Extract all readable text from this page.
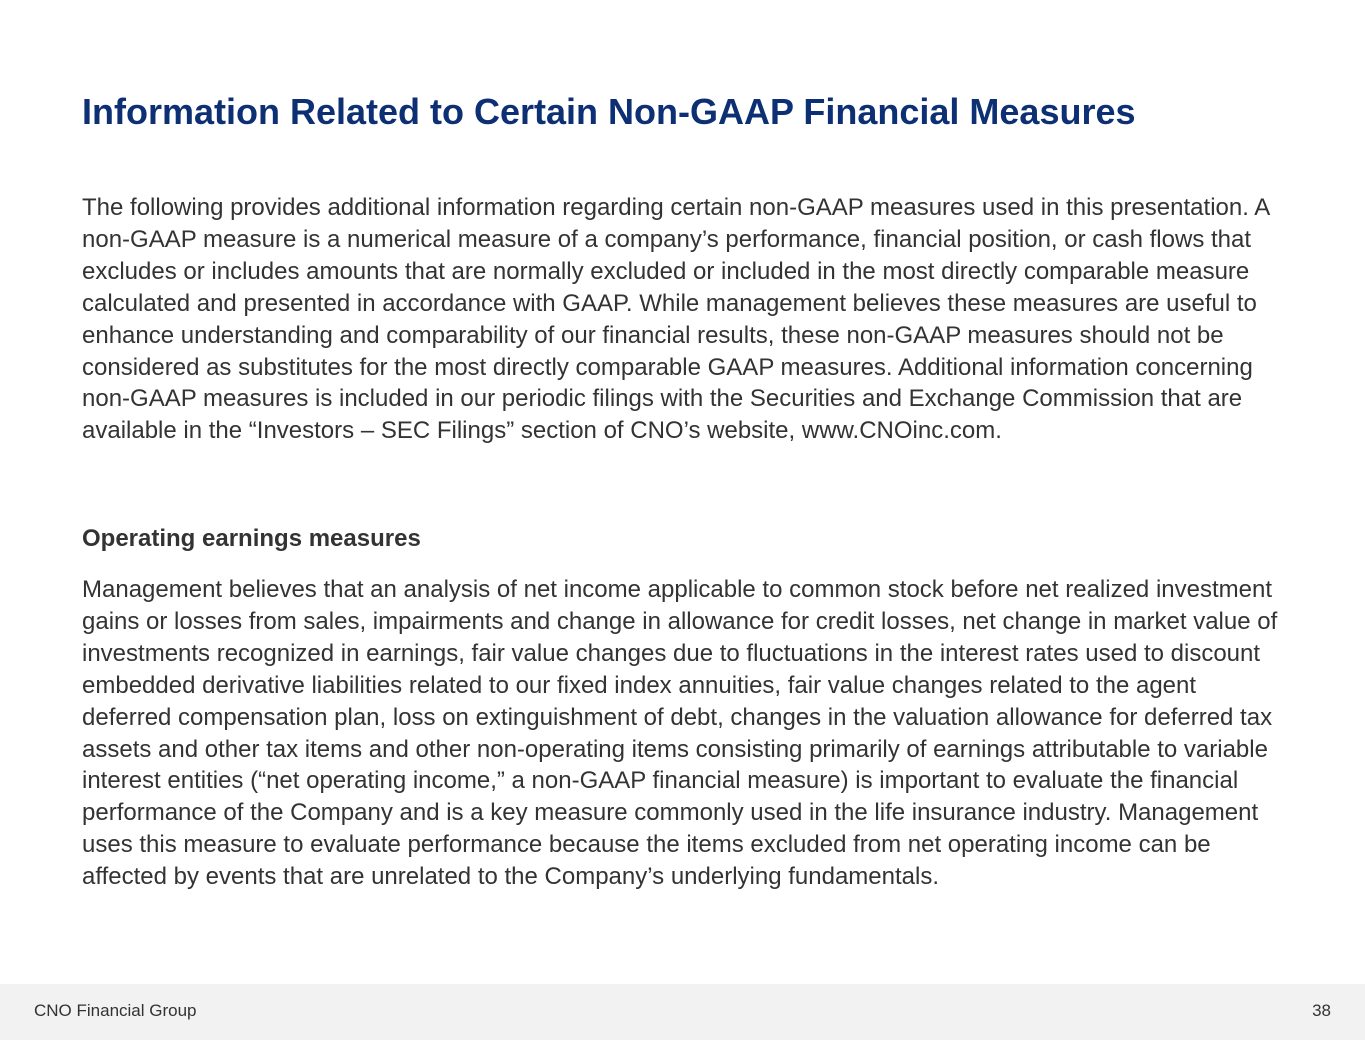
Information Related to Certain Non-GAAP Financial Measures

The following provides additional information regarding certain non-GAAP measures used in this presentation. A non-GAAP measure is a numerical measure of a company’s performance, financial position, or cash flows that excludes or includes amounts that are normally excluded or included in the most directly comparable measure calculated and presented in accordance with GAAP. While management believes these measures are useful to enhance understanding and comparability of our financial results, these non-GAAP measures should not be considered as substitutes for the most directly comparable GAAP measures. Additional information concerning non-GAAP measures is included in our periodic filings with the Securities and Exchange Commission that are available in the “Investors – SEC Filings” section of CNO’s website, www.CNOinc.com.

Operating earnings measures

Management believes that an analysis of net income applicable to common stock before net realized investment gains or losses from sales, impairments and change in allowance for credit losses, net change in market value of investments recognized in earnings, fair value changes due to fluctuations in the interest rates used to discount embedded derivative liabilities related to our fixed index annuities, fair value changes related to the agent deferred compensation plan, loss on extinguishment of debt, changes in the valuation allowance for deferred tax assets and other tax items and other non-operating items consisting primarily of earnings attributable to variable interest entities (“net operating income,” a non-GAAP financial measure) is important to evaluate the financial performance of the Company and is a key measure commonly used in the life insurance industry. Management uses this measure to evaluate performance because the items excluded from net operating income can be affected by events that are unrelated to the Company’s underlying fundamentals.

CNO Financial Group	38
